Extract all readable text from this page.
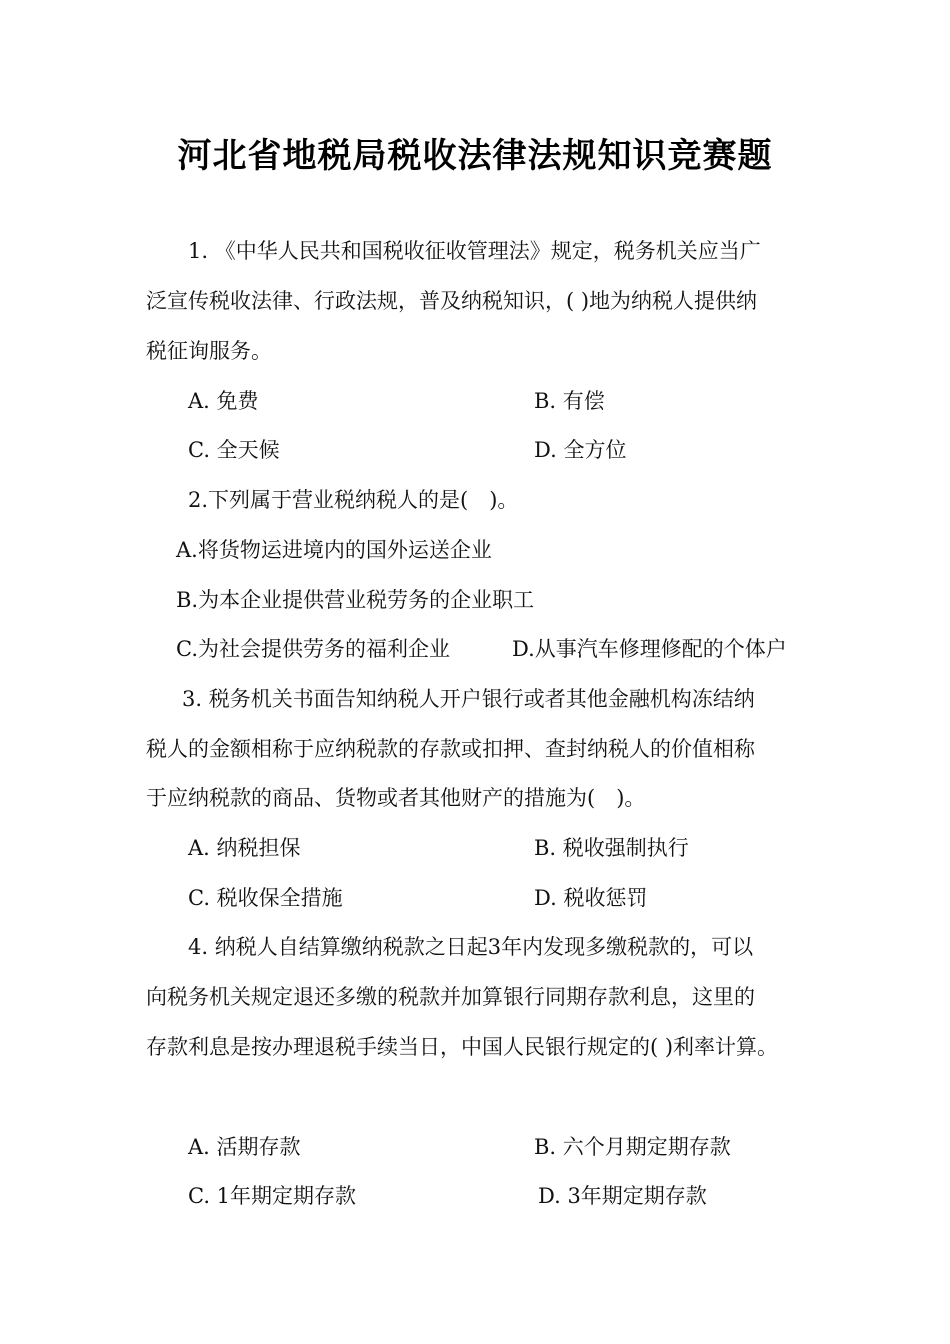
河北省地税局税收法律法规知识竞赛题
1. 《中华人民共和国税收征收管理法》规定，税务机关应当广
泛宣传税收法律、行政法规，普及纳税知识，( )地为纳税人提供纳
税征询服务。
A. 免费	B. 有偿
C. 全天候	D. 全方位
2.下列属于营业税纳税人的是(　)。
A.将货物运进境内的国外运送企业
B.为本企业提供营业税劳务的企业职工
C.为社会提供劳务的福利企业	D.从事汽车修理修配的个体户
3. 税务机关书面告知纳税人开户银行或者其他金融机构冻结纳
税人的金额相称于应纳税款的存款或扣押、查封纳税人的价值相称
于应纳税款的商品、货物或者其他财产的措施为(　)。
A. 纳税担保	B. 税收强制执行
C. 税收保全措施	D. 税收惩罚
4. 纳税人自结算缴纳税款之日起3年内发现多缴税款的，可以
向税务机关规定退还多缴的税款并加算银行同期存款利息，这里的
存款利息是按办理退税手续当日，中国人民银行规定的( )利率计算。
A. 活期存款	B. 六个月期定期存款
C. 1年期定期存款	D. 3年期定期存款
